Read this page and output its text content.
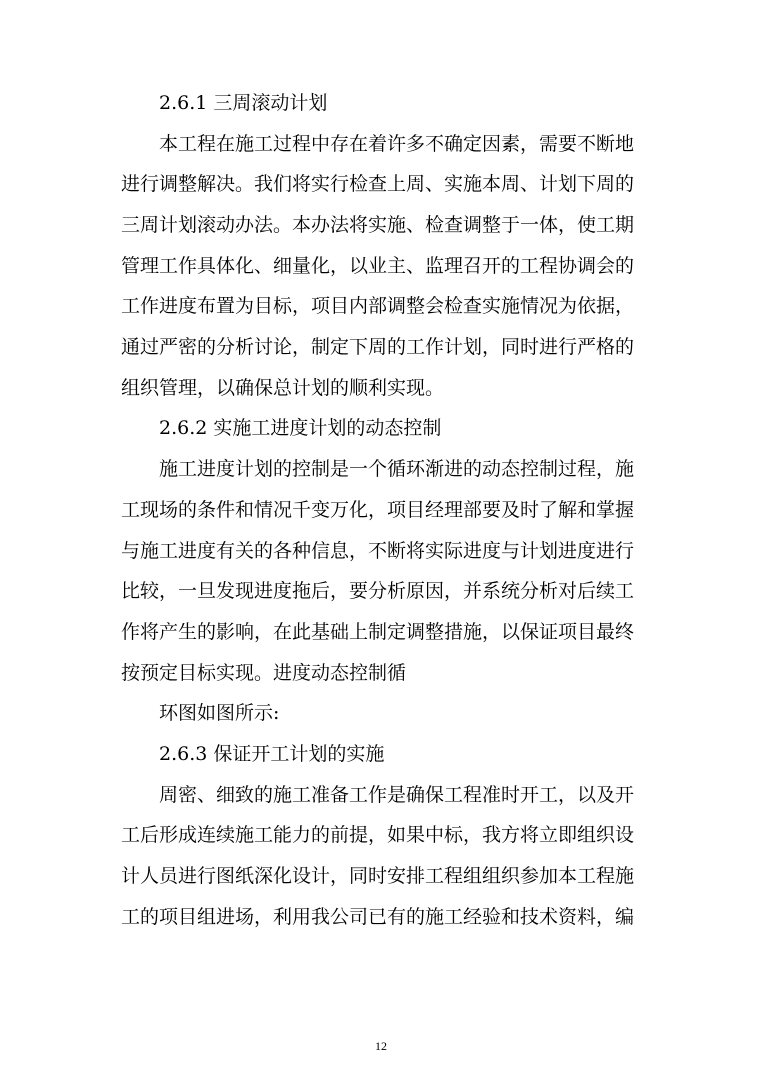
2.6.1 三周滚动计划
本工程在施工过程中存在着许多不确定因素，需要不断地
进行调整解决。我们将实行检查上周、实施本周、计划下周的
三周计划滚动办法。本办法将实施、检查调整于一体，使工期
管理工作具体化、细量化，以业主、监理召开的工程协调会的
工作进度布置为目标，项目内部调整会检查实施情况为依据，
通过严密的分析讨论，制定下周的工作计划，同时进行严格的
组织管理，以确保总计划的顺利实现。
2.6.2 实施工进度计划的动态控制
施工进度计划的控制是一个循环渐进的动态控制过程，施
工现场的条件和情况千变万化，项目经理部要及时了解和掌握
与施工进度有关的各种信息，不断将实际进度与计划进度进行
比较，一旦发现进度拖后，要分析原因，并系统分析对后续工
作将产生的影响，在此基础上制定调整措施，以保证项目最终
按预定目标实现。进度动态控制循
环图如图所示:
2.6.3 保证开工计划的实施
周密、细致的施工准备工作是确保工程准时开工，以及开
工后形成连续施工能力的前提，如果中标，我方将立即组织设
计人员进行图纸深化设计，同时安排工程组组织参加本工程施
工的项目组进场，利用我公司已有的施工经验和技术资料，编
12
